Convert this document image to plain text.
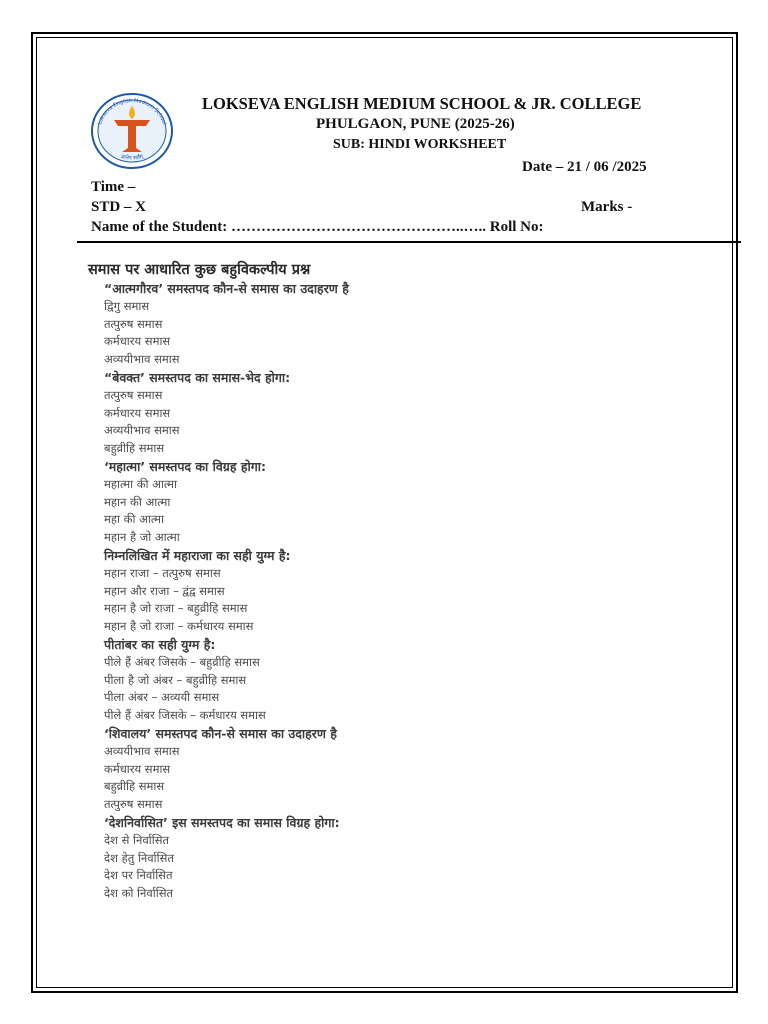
Lokseva English Medium School
ज्ञानेन सर्वम्
LOKSEVA ENGLISH MEDIUM SCHOOL & JR. COLLEGE
PHULGAON, PUNE (2025-26)
SUB: HINDI WORKSHEET
Date – 21 / 06 /2025
Time –
STD – X	Marks -
Name of the Student: ………………………………………..….. Roll No:
समास पर आधारित कुछ बहुविकल्पीय प्रश्न
“आत्मगौरव’ समस्तपद कौन-से समास का उदाहरण है
द्विगु समास
तत्पुरुष समास
कर्मधारय समास
अव्ययीभाव समास
“बेवक्त’ समस्तपद का समास-भेद होगा:
तत्पुरुष समास
कर्मधारय समास
अव्ययीभाव समास
बहुव्रीहि समास
‘महात्मा’ समस्तपद का विग्रह होगा:
महात्मा की आत्मा
महान की आत्मा
महा की आत्मा
महान है जो आत्मा
निम्नलिखित में महाराजा का सही युग्म है:
महान राजा – तत्पुरुष समास
महान और राजा – द्वंद्व समास
महान है जो राजा – बहुव्रीहि समास
महान है जो राजा – कर्मधारय समास
पीतांबर का सही युग्म है:
पीले हैं अंबर जिसके – बहुव्रीहि समास
पीला है जो अंबर – बहुव्रीहि समास
पीला अंबर – अव्ययी समास
पीले हैं अंबर जिसके – कर्मधारय समास
‘शिवालय’ समस्तपद कौन-से समास का उदाहरण है
अव्ययीभाव समास
कर्मधारय समास
बहुव्रीहि समास
तत्पुरुष समास
‘देशनिर्वासित’ इस समस्तपद का समास विग्रह होगा:
देश से निर्वासित
देश हेतु निर्वासित
देश पर निर्वासित
देश को निर्वासित
